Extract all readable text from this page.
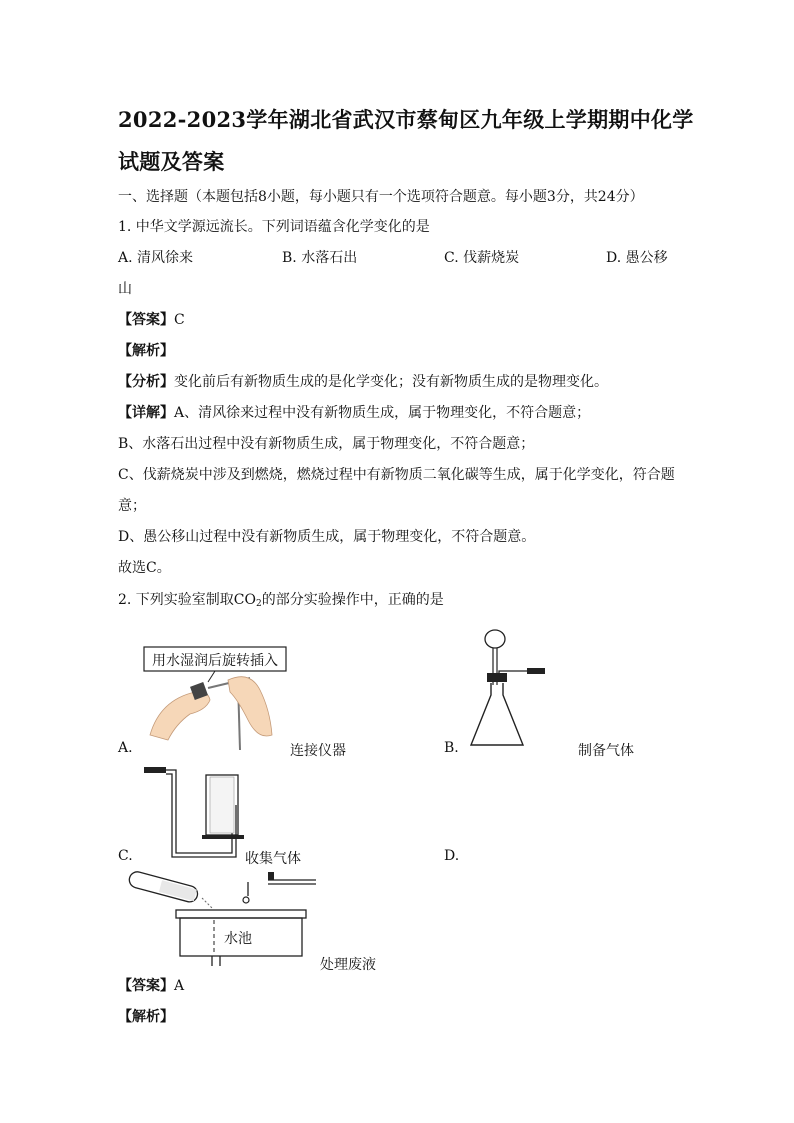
2022-2023学年湖北省武汉市蔡甸区九年级上学期期中化学
试题及答案
一、选择题（本题包括8小题，每小题只有一个选项符合题意。每小题3分，共24分）
1. 中华文学源远流长。下列词语蕴含化学变化的是
A. 清风徐来	B. 水落石出	C. 伐薪烧炭	D. 愚公移
山
【答案】C
【解析】
【分析】变化前后有新物质生成的是化学变化；没有新物质生成的是物理变化。
【详解】A、清风徐来过程中没有新物质生成，属于物理变化，不符合题意；
B、水落石出过程中没有新物质生成，属于物理变化，不符合题意；
C、伐薪烧炭中涉及到燃烧，燃烧过程中有新物质二氧化碳等生成，属于化学变化，符合题
意；
D、愚公移山过程中没有新物质生成，属于物理变化，不符合题意。
故选C。
2. 下列实验室制取$CO_2$的部分实验操作中，正确的是
用水湿润后旋转插入
A.	连接仪器	B.	制备气体
C.	收集气体	D.
水池
处理废液
【答案】A
【解析】
